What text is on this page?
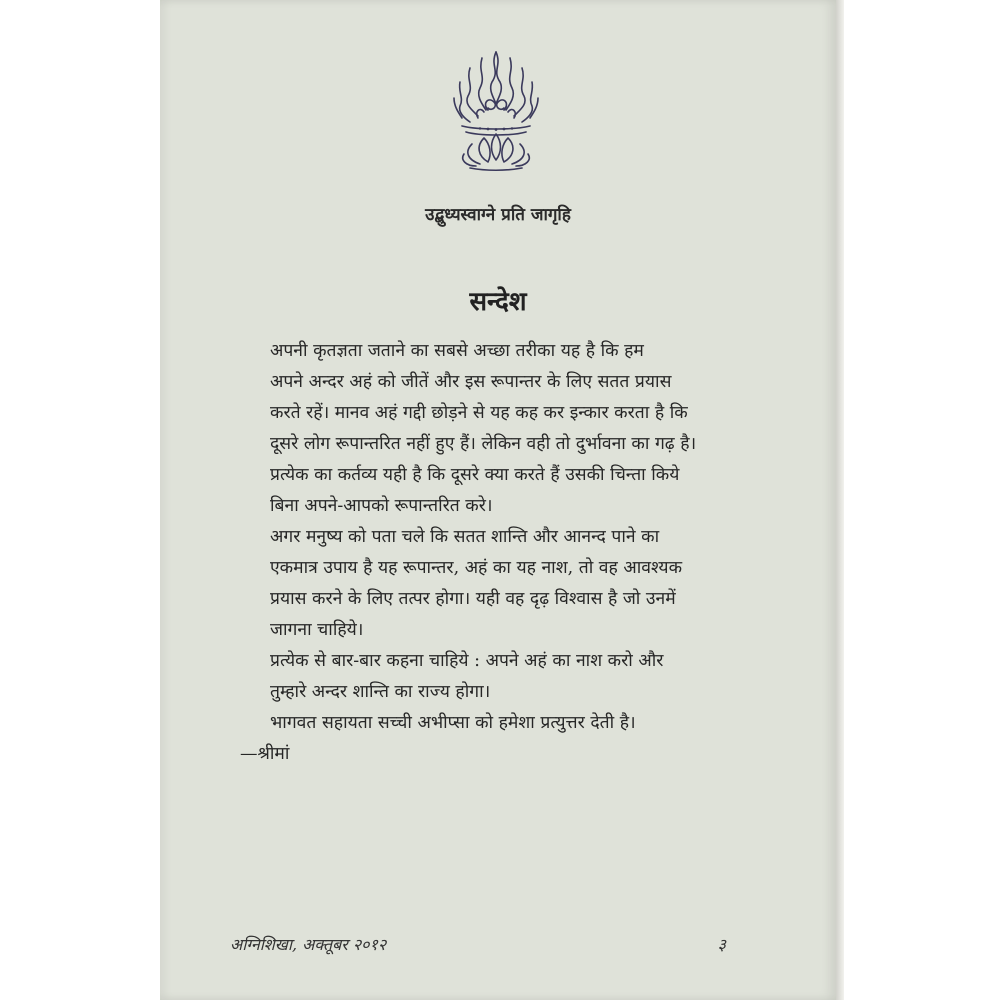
उद्बुध्यस्वाग्ने प्रति जागृहि
सन्देश

अपनी कृतज्ञता जताने का सबसे अच्छा तरीका यह है कि हम
अपने अन्दर अहं को जीतें और इस रूपान्तर के लिए सतत प्रयास
करते रहें। मानव अहं गद्दी छोड़ने से यह कह कर इन्कार करता है कि
दूसरे लोग रूपान्तरित नहीं हुए हैं। लेकिन वही तो दुर्भावना का गढ़ है।
प्रत्येक का कर्तव्य यही है कि दूसरे क्या करते हैं उसकी चिन्ता किये
बिना अपने-आपको रूपान्तरित करे।

अगर मनुष्य को पता चले कि सतत शान्ति और आनन्द पाने का
एकमात्र उपाय है यह रूपान्तर, अहं का यह नाश, तो वह आवश्यक
प्रयास करने के लिए तत्पर होगा। यही वह दृढ़ विश्वास है जो उनमें
जागना चाहिये।

प्रत्येक से बार-बार कहना चाहिये : अपने अहं का नाश करो और
तुम्हारे अन्दर शान्ति का राज्य होगा।

भागवत सहायता सच्ची अभीप्सा को हमेशा प्रत्युत्तर देती है।

—श्रीमां

अग्निशिखा, अक्तूबर २०१२	३
